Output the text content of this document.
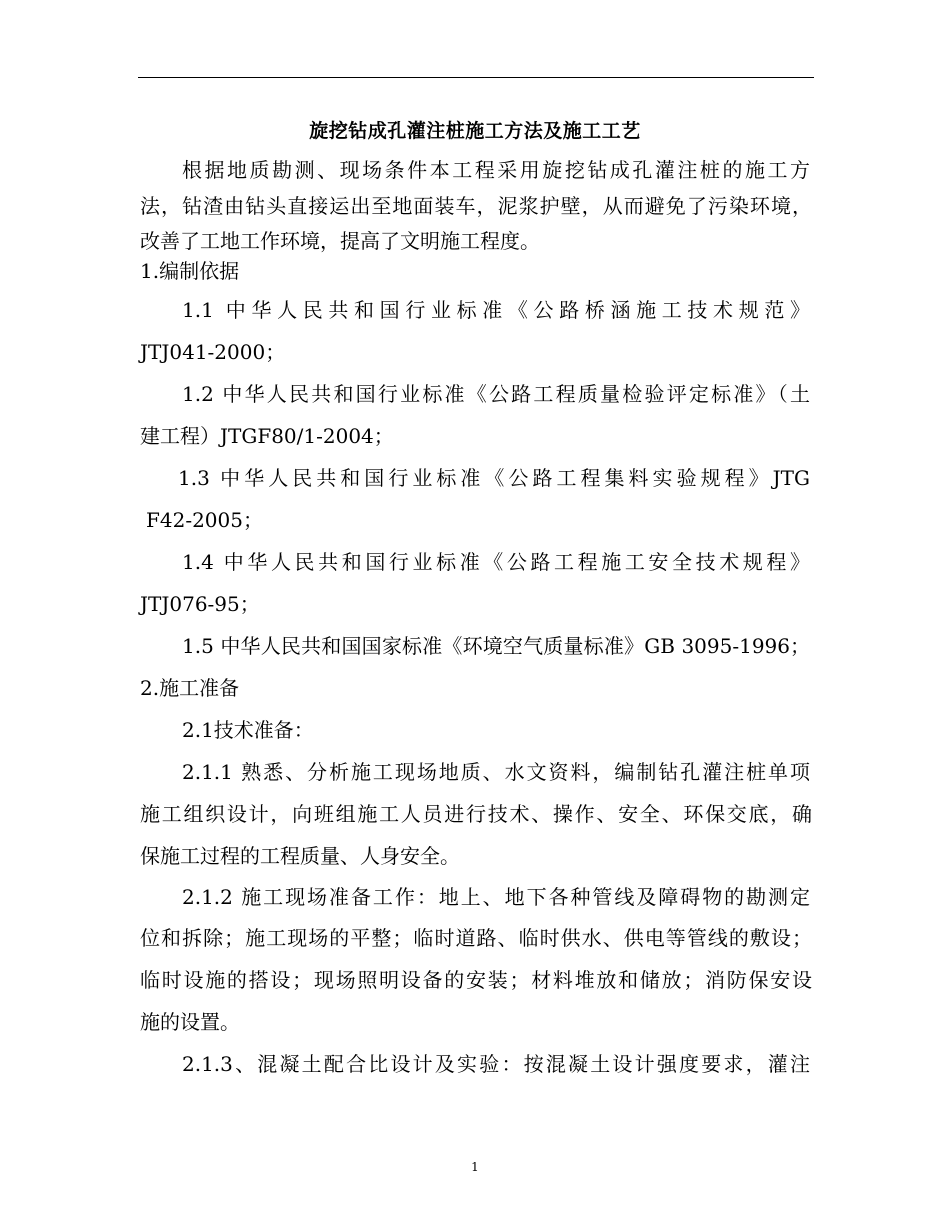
旋挖钻成孔灌注桩施工方法及施工工艺
根据地质勘测、现场条件本工程采用旋挖钻成孔灌注桩的施工方
法，钻渣由钻头直接运出至地面装车，泥浆护壁，从而避免了污染环境，
改善了工地工作环境，提高了文明施工程度。
1.编制依据
1.1 中华人民共和国行业标准《公路桥涵施工技术规范》
JTJ041-2000；
1.2 中华人民共和国行业标准《公路工程质量检验评定标准》（土
建工程）JTGF80/1-2004；
1.3 中华人民共和国行业标准《公路工程集料实验规程》JTG
F42-2005；
1.4 中华人民共和国行业标准《公路工程施工安全技术规程》
JTJ076-95；
1.5 中华人民共和国国家标准《环境空气质量标准》GB 3095-1996；
2.施工准备
2.1技术准备：
2.1.1 熟悉、分析施工现场地质、水文资料，编制钻孔灌注桩单项
施工组织设计，向班组施工人员进行技术、操作、安全、环保交底，确
保施工过程的工程质量、人身安全。
2.1.2 施工现场准备工作：地上、地下各种管线及障碍物的勘测定
位和拆除；施工现场的平整；临时道路、临时供水、供电等管线的敷设；
临时设施的搭设；现场照明设备的安装；材料堆放和储放；消防保安设
施的设置。
2.1.3、混凝土配合比设计及实验：按混凝土设计强度要求，灌注
1
